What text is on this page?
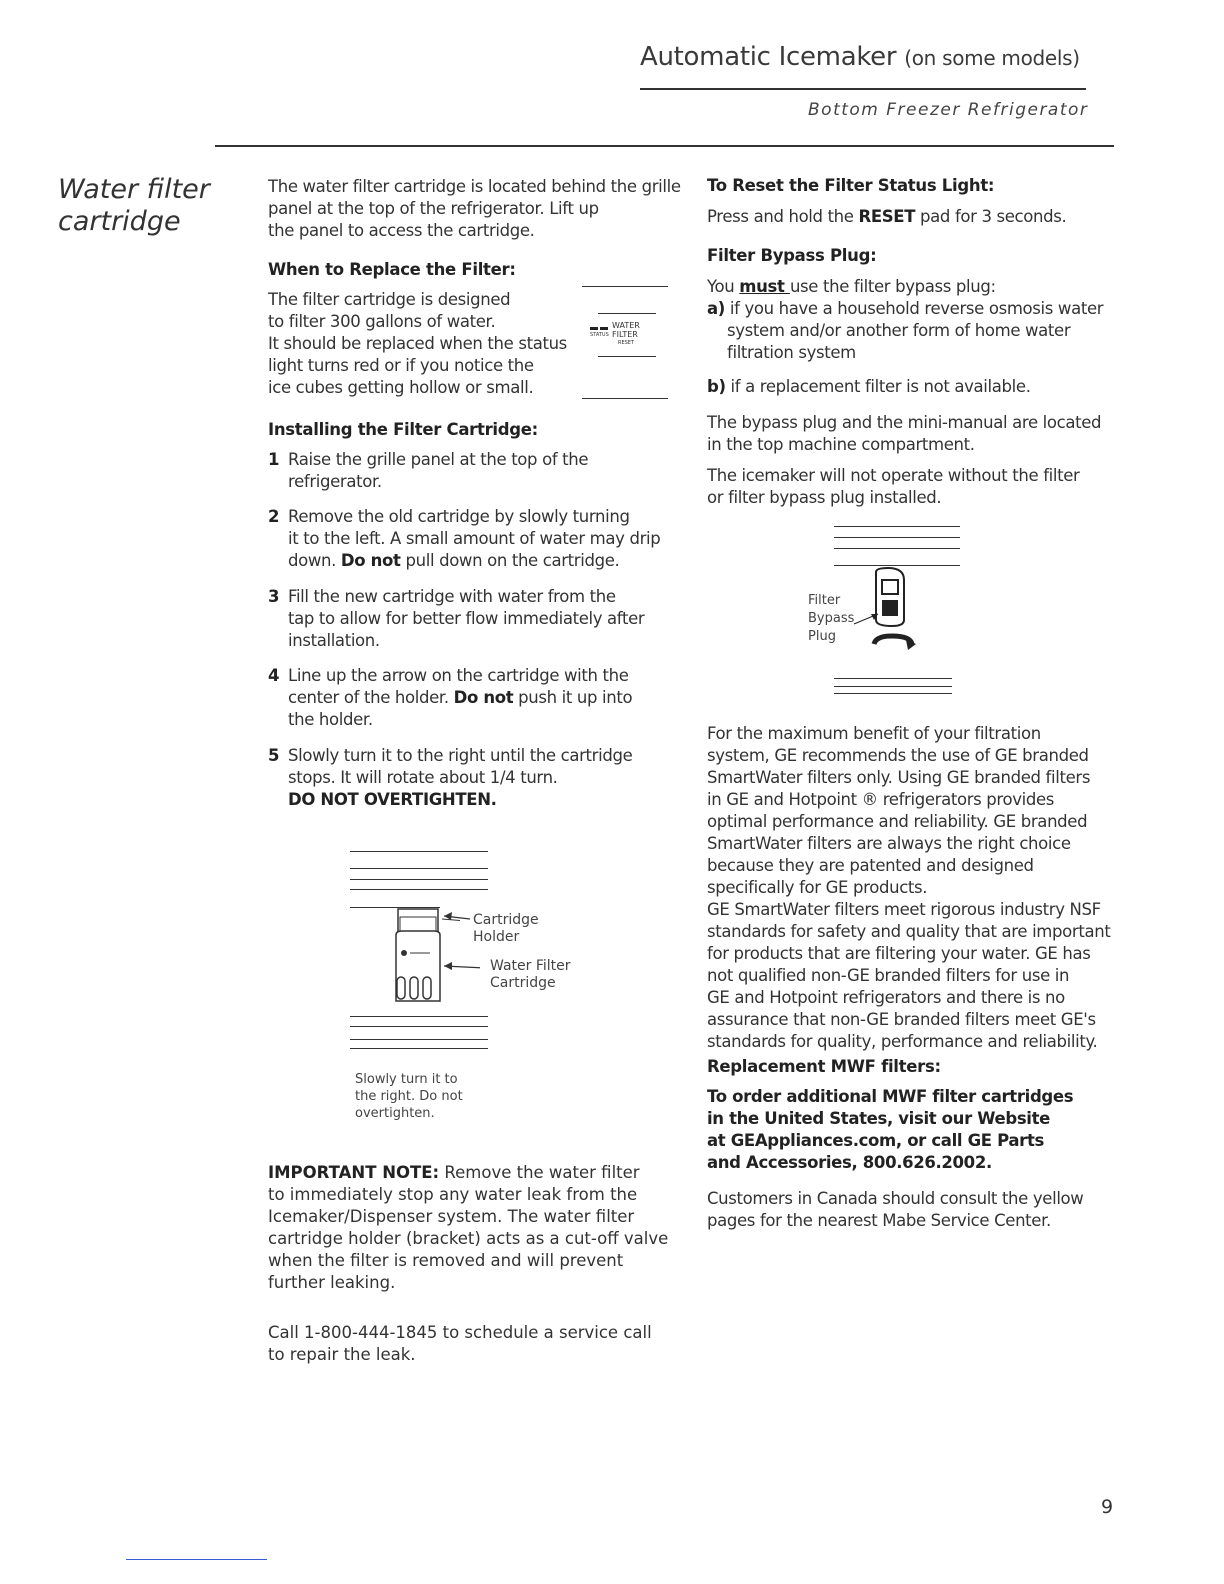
Automatic Icemaker (on some models)
Bottom Freezer Refrigerator
Water filter
cartridge
The water filter cartridge is located behind the grille
panel at the top of the refrigerator. Lift up
the panel to access the cartridge.
When to Replace the Filter:
The filter cartridge is designed
to filter 300 gallons of water.
It should be replaced when the status
light turns red or if you notice the
ice cubes getting hollow or small.
STATUS
WATER
FILTER
RESET
Installing the Filter Cartridge:
1 Raise the grille panel at the top of the
refrigerator.
2 Remove the old cartridge by slowly turning
it to the left. A small amount of water may drip
down. Do not pull down on the cartridge.
3 Fill the new cartridge with water from the
tap to allow for better flow immediately after
installation.
4 Line up the arrow on the cartridge with the
center of the holder. Do not push it up into
the holder.
5 Slowly turn it to the right until the cartridge
stops. It will rotate about 1/4 turn.
DO NOT OVERTIGHTEN.
Cartridge
Holder
Water Filter
Cartridge
Slowly turn it to
the right. Do not
overtighten.
IMPORTANT NOTE: Remove the water filter
to immediately stop any water leak from the
Icemaker/Dispenser system. The water filter
cartridge holder (bracket) acts as a cut-off valve
when the filter is removed and will prevent
further leaking.
Call 1-800-444-1845 to schedule a service call
to repair the leak.
To Reset the Filter Status Light:
Press and hold the RESET pad for 3 seconds.
Filter Bypass Plug:
You must use the filter bypass plug:
a) if you have a household reverse osmosis water
system and/or another form of home water
filtration system
b) if a replacement filter is not available.
The bypass plug and the mini-manual are located
in the top machine compartment.
The icemaker will not operate without the filter
or filter bypass plug installed.
Filter
Bypass
Plug
For the maximum benefit of your filtration
system, GE recommends the use of GE branded
SmartWater filters only. Using GE branded filters
in GE and Hotpoint ® refrigerators provides
optimal performance and reliability. GE branded
SmartWater filters are always the right choice
because they are patented and designed
specifically for GE products.
GE SmartWater filters meet rigorous industry NSF
standards for safety and quality that are important
for products that are filtering your water. GE has
not qualified non-GE branded filters for use in
GE and Hotpoint refrigerators and there is no
assurance that non-GE branded filters meet GE's
standards for quality, performance and reliability.
Replacement MWF filters:
To order additional MWF filter cartridges
in the United States, visit our Website
at GEAppliances.com, or call GE Parts
and Accessories, 800.626.2002.
Customers in Canada should consult the yellow
pages for the nearest Mabe Service Center.
9
